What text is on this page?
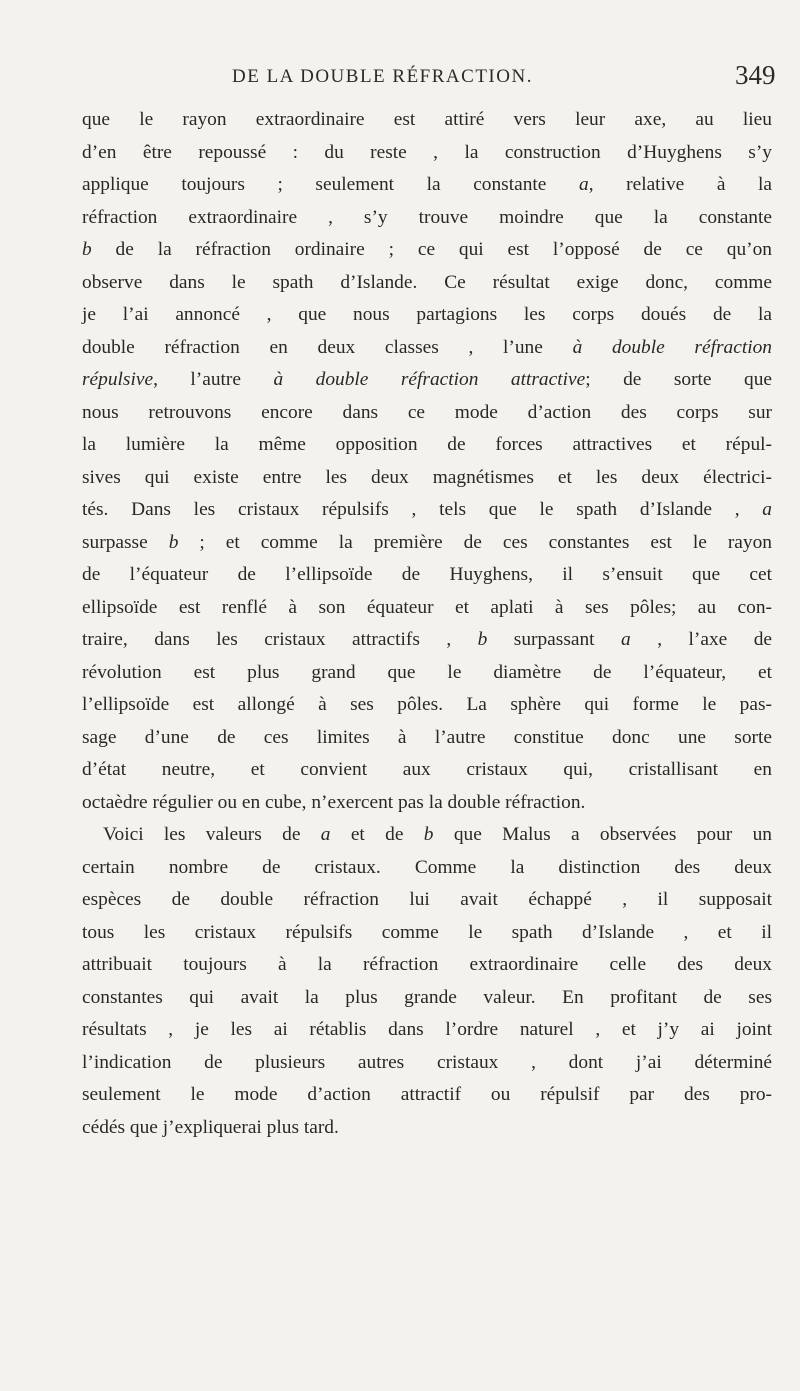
DE LA DOUBLE RÉFRACTION.	349
que le rayon extraordinaire est attiré vers leur axe, au lieu
d’en être repoussé : du reste , la construction d’Huyghens s’y
applique toujours ; seulement la constante a, relative à la
réfraction extraordinaire , s’y trouve moindre que la constante
b de la réfraction ordinaire ; ce qui est l’opposé de ce qu’on
observe dans le spath d’Islande. Ce résultat exige donc, comme
je l’ai annoncé , que nous partagions les corps doués de la
double réfraction en deux classes , l’une à double réfraction
répulsive, l’autre à double réfraction attractive; de sorte que
nous retrouvons encore dans ce mode d’action des corps sur
la lumière la même opposition de forces attractives et répul-
sives qui existe entre les deux magnétismes et les deux électrici-
tés. Dans les cristaux répulsifs , tels que le spath d’Islande , a
surpasse b ; et comme la première de ces constantes est le rayon
de l’équateur de l’ellipsoïde de Huyghens, il s’ensuit que cet
ellipsoïde est renflé à son équateur et aplati à ses pôles; au con-
traire, dans les cristaux attractifs , b surpassant a , l’axe de
révolution est plus grand que le diamètre de l’équateur, et
l’ellipsoïde est allongé à ses pôles. La sphère qui forme le pas-
sage d’une de ces limites à l’autre constitue donc une sorte
d’état neutre, et convient aux cristaux qui, cristallisant en
octaèdre régulier ou en cube, n’exercent pas la double réfraction.
Voici les valeurs de a et de b que Malus a observées pour un
certain nombre de cristaux. Comme la distinction des deux
espèces de double réfraction lui avait échappé , il supposait
tous les cristaux répulsifs comme le spath d’Islande , et il
attribuait toujours à la réfraction extraordinaire celle des deux
constantes qui avait la plus grande valeur. En profitant de ses
résultats , je les ai rétablis dans l’ordre naturel , et j’y ai joint
l’indication de plusieurs autres cristaux , dont j’ai déterminé
seulement le mode d’action attractif ou répulsif par des pro-
cédés que j’expliquerai plus tard.
